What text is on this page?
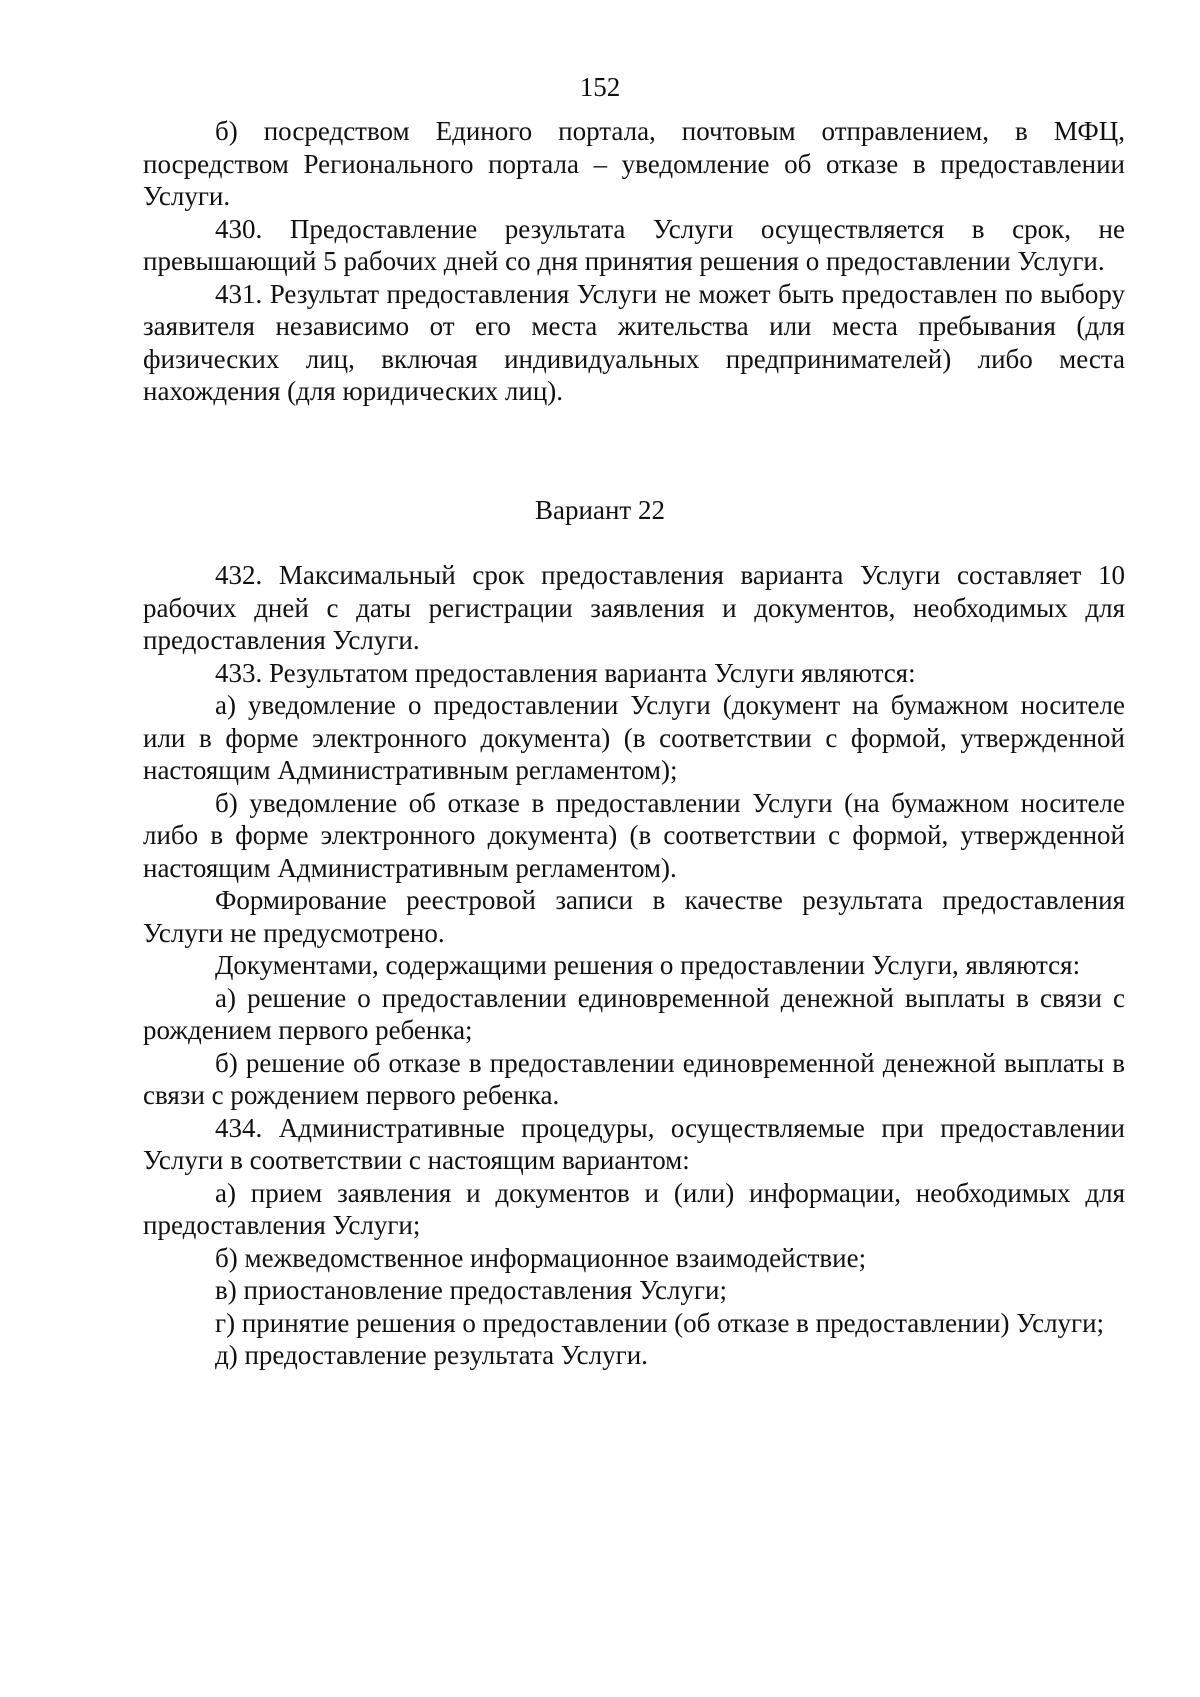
152

б) посредством Единого портала, почтовым отправлением, в МФЦ, посредством Регионального портала – уведомление об отказе в предоставлении Услуги.

430. Предоставление результата Услуги осуществляется в срок, не превышающий 5 рабочих дней со дня принятия решения о предоставлении Услуги.

431. Результат предоставления Услуги не может быть предоставлен по выбору заявителя независимо от его места жительства или места пребывания (для физических лиц, включая индивидуальных предпринимателей) либо места нахождения (для юридических лиц).

Вариант 22

432. Максимальный срок предоставления варианта Услуги составляет 10 рабочих дней с даты регистрации заявления и документов, необходимых для предоставления Услуги.

433. Результатом предоставления варианта Услуги являются:

а) уведомление о предоставлении Услуги (документ на бумажном носителе или в форме электронного документа) (в соответствии с формой, утвержденной настоящим Административным регламентом);

б) уведомление об отказе в предоставлении Услуги (на бумажном носителе либо в форме электронного документа) (в соответствии с формой, утвержденной настоящим Административным регламентом).

Формирование реестровой записи в качестве результата предоставления Услуги не предусмотрено.

Документами, содержащими решения о предоставлении Услуги, являются:

а) решение о предоставлении единовременной денежной выплаты в связи с рождением первого ребенка;

б) решение об отказе в предоставлении единовременной денежной выплаты в связи с рождением первого ребенка.

434. Административные процедуры, осуществляемые при предоставлении Услуги в соответствии с настоящим вариантом:

а) прием заявления и документов и (или) информации, необходимых для предоставления Услуги;

б) межведомственное информационное взаимодействие;

в) приостановление предоставления Услуги;

г) принятие решения о предоставлении (об отказе в предоставлении) Услуги;

д) предоставление результата Услуги.
